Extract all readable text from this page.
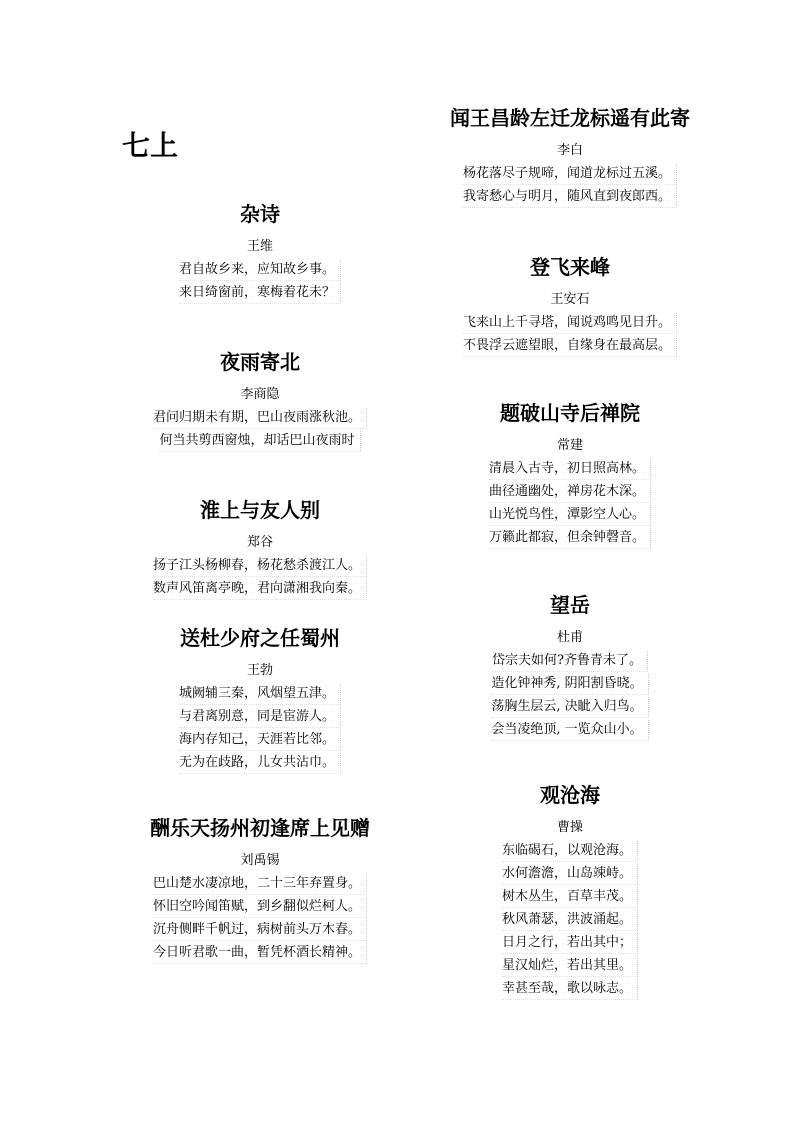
七上
杂诗
王维
君自故乡来，应知故乡事。
来日绮窗前，寒梅着花未？
夜雨寄北
李商隐
君问归期未有期，巴山夜雨涨秋池。
何当共剪西窗烛，却话巴山夜雨时
淮上与友人别
郑谷
扬子江头杨柳春，杨花愁杀渡江人。
数声风笛离亭晚，君向潇湘我向秦。
送杜少府之任蜀州
王勃
城阙辅三秦，风烟望五津。
与君离别意，同是宦游人。
海内存知己，天涯若比邻。
无为在歧路，儿女共沾巾。
酬乐天扬州初逢席上见赠
刘禹锡
巴山楚水凄凉地，二十三年弃置身。
怀旧空吟闻笛赋，到乡翻似烂柯人。
沉舟侧畔千帆过，病树前头万木春。
今日听君歌一曲，暂凭杯酒长精神。
闻王昌龄左迁龙标遥有此寄
李白
杨花落尽子规啼，闻道龙标过五溪。
我寄愁心与明月，随风直到夜郎西。
登飞来峰
王安石
飞来山上千寻塔，闻说鸡鸣见日升。
不畏浮云遮望眼，自缘身在最高层。
题破山寺后禅院
常建
清晨入古寺，初日照高林。
曲径通幽处，禅房花木深。
山光悦鸟性，潭影空人心。
万籁此都寂，但余钟磬音。
望岳
杜甫
岱宗夫如何?齐鲁青未了。
造化钟神秀, 阴阳割昏晓。
荡胸生层云, 决眦入归鸟。
会当凌绝顶, 一览众山小。
观沧海
曹操
东临碣石，以观沧海。
水何澹澹，山岛竦峙。
树木丛生，百草丰茂。
秋风萧瑟，洪波涌起。
日月之行，若出其中；
星汉灿烂，若出其里。
幸甚至哉，歌以咏志。
